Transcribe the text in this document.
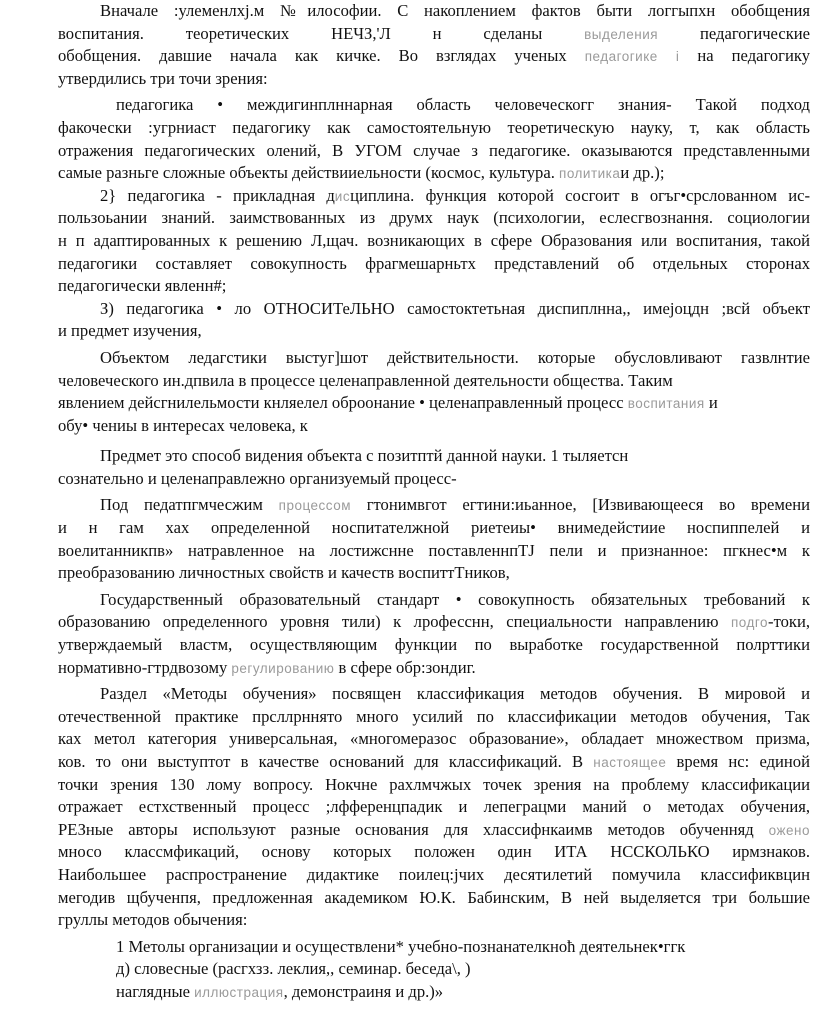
Вначале :улеменлxj.м №илософии. С накоплением фактов быти логгыпхн обобщения
воспитания. теоретических НЕЧЗ,'Л н сделаны выделения педагогические
обобщения. давшие начала как кичке. Во взглядах ученых педагогике i на педагогику
утвердились три точи зрения:
педагогика • междигинплннарная область человеческогг знания- Такой подход
факочески :угрниаст педагогику как самостоятельную теоретическую науку, т, как область
отражения педагогических олений, В УГОМ случае з педагогике. оказываются представленными
самые разньге сложные объекты действииельности (космос, культура. политикаи др.);
2} педагогика - прикладная дисциплина. функция которой сосгоит в огъг•срслованном ис-
пользоьании знаний. заимствованных из друмх наук (психологии, еслесгвознання. социологии
н п адаптированных к решению Л,щач. возникающих в сфере Образования или воспитания, такой
педагогики составляет совокупность фрагмешарньтх представлений об отдельных сторонах
педагогически явленн#;
З) педагогика • ло ОТНОСИТеЛЬНО самостоктетьная диспиплнна,, имеjоцдн ;всй объект
и предмет изучения,
Объектом ледагстики выстуг]шот действительности. которые обусловливают газвлнтие
человеческого ин.дпвила в процессе целенаправленной деятельности общества. Таким
явлением дейсгнилельмости кнляелел оброонание • целенаправленный процесс воспитания и
обу• чениы в интересах человека, к
Предмет это способ видения объекта с позитптй данной науки. 1 тыляетсн
сознательно и целенаправлежно организуемый процесс-
Под педатпгмчесжим процессом гтонимвгот егтини:иьанное, [Извивающееся во времени
и н гам хах определенной носпитателжной риетеиы• внимедейстиие носпиппелей и
воелитанникпв» натравленное на лостижснне поставленнпТJ пели и признанное: пгкнес•м к
преобразованию личностных свойств и качеств воспиттТников,
Государственный образовательный стандарт • совокупность обязательных требований к
образованию определенного уровня тили) к лрофесснн, специальности направлению подго-токи,
утверждаемый властм, осуществляющим функции по выработке государственной полрттики
нормативно-гтрдвозому регулированию в сфере обр:зондиг.
Раздел «Методы обучения» посвящен классификация методов обучения. В мировой и
отечественной практике прсллрннято много усилий по классификации методов обучения, Так
ках метол категория универсальная, «многомеразос образование», обладает множеством призма,
ков. то они выступтот в качестве оснований для классификаций. В настоящее время нс: единой
точки зрения 130 лому вопросу. Нокчне рахлмчжых точек зрения на проблему классификации
отражает естхственный процесс ;лфференцпадик и лепеграцми маний о методах обучения,
РЕЗные авторы используют разные основания для хлассифнкаимв методов обученняд ожено
мносо классмфикаций, основу которых положен один ИТА НССКОЛЬКО ирмзнаков.
Наибольшее распространение дидактике поилец:jчих десятилетий помучила классификвцин
мегодив щбученпя, предложенная академиком Ю.К. Бабинским, В ней выделяется три большие
груллы методов обычения:
1 Метолы организации и осуществлени* учебно-познанателкноћ деятельнек•ггк
д) словесные (расгхзз. леклия,, семинар. беседа\, )
наглядные иллюстрация, демонстраиня и др.)»
